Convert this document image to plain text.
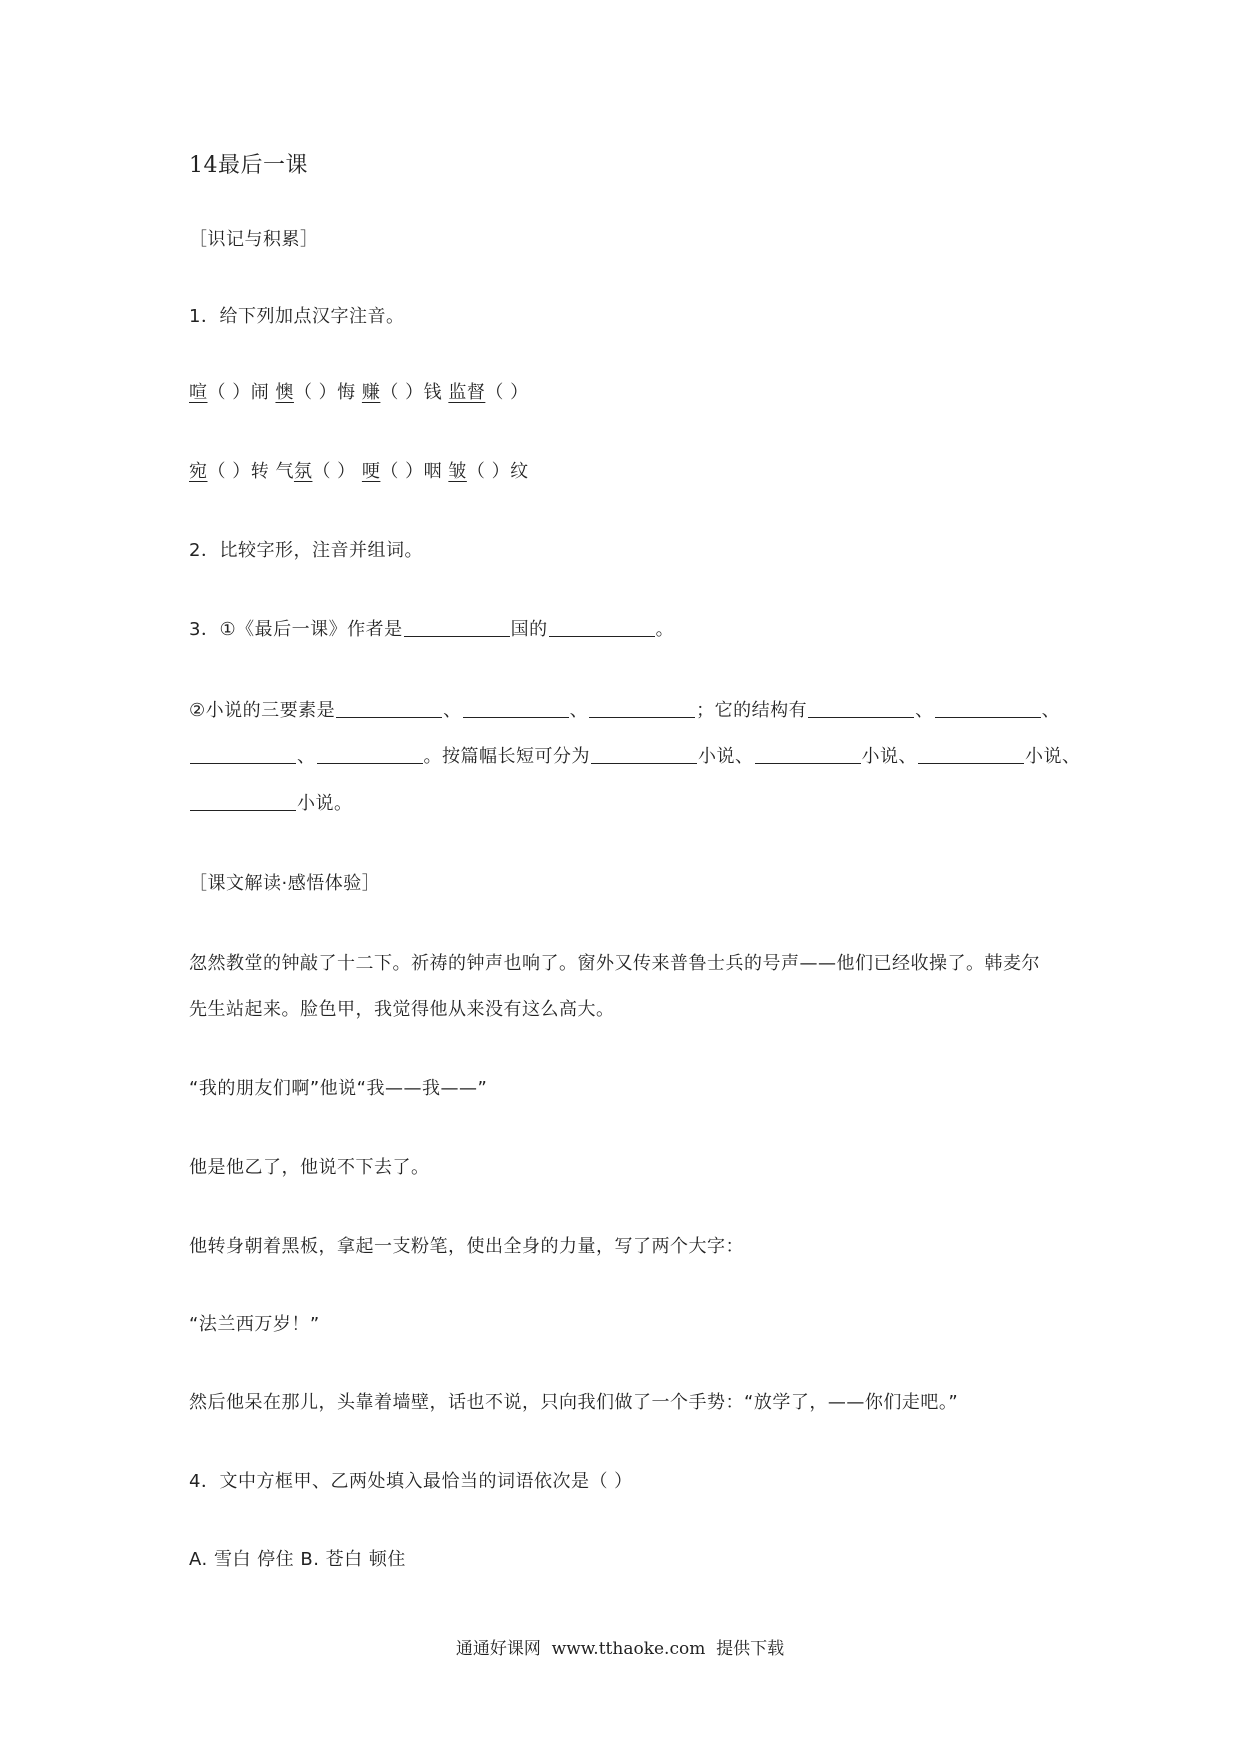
14最后一课
［识记与积累］
1．给下列加点汉字注音。
喧（ ）闹 懊（ ）悔 赚（ ）钱 监督（ ）
宛（ ）转 气氛（ ） 哽（ ）咽 皱（ ）纹
2．比较字形，注音并组词。
3．①《最后一课》作者是	国的	。
②小说的三要素是	、	、	；它的结构有	、	、
、	。按篇幅长短可分为	小说、	小说、	小说、
小说。
［课文解读·感悟体验］
忽然教堂的钟敲了十二下。祈祷的钟声也响了。窗外又传来普鲁士兵的号声——他们已经收操了。韩麦尔
先生站起来。脸色甲，我觉得他从来没有这么高大。
“我的朋友们啊”他说“我——我——”
他是他乙了，他说不下去了。
他转身朝着黑板，拿起一支粉笔，使出全身的力量，写了两个大字：
“法兰西万岁！”
然后他呆在那儿，头靠着墙壁，话也不说，只向我们做了一个手势：“放学了，——你们走吧。”
4．文中方框甲、乙两处填入最恰当的词语依次是（ ）
A. 雪白 停住 B. 苍白 顿住
通通好课网  www.tthaoke.com  提供下载
